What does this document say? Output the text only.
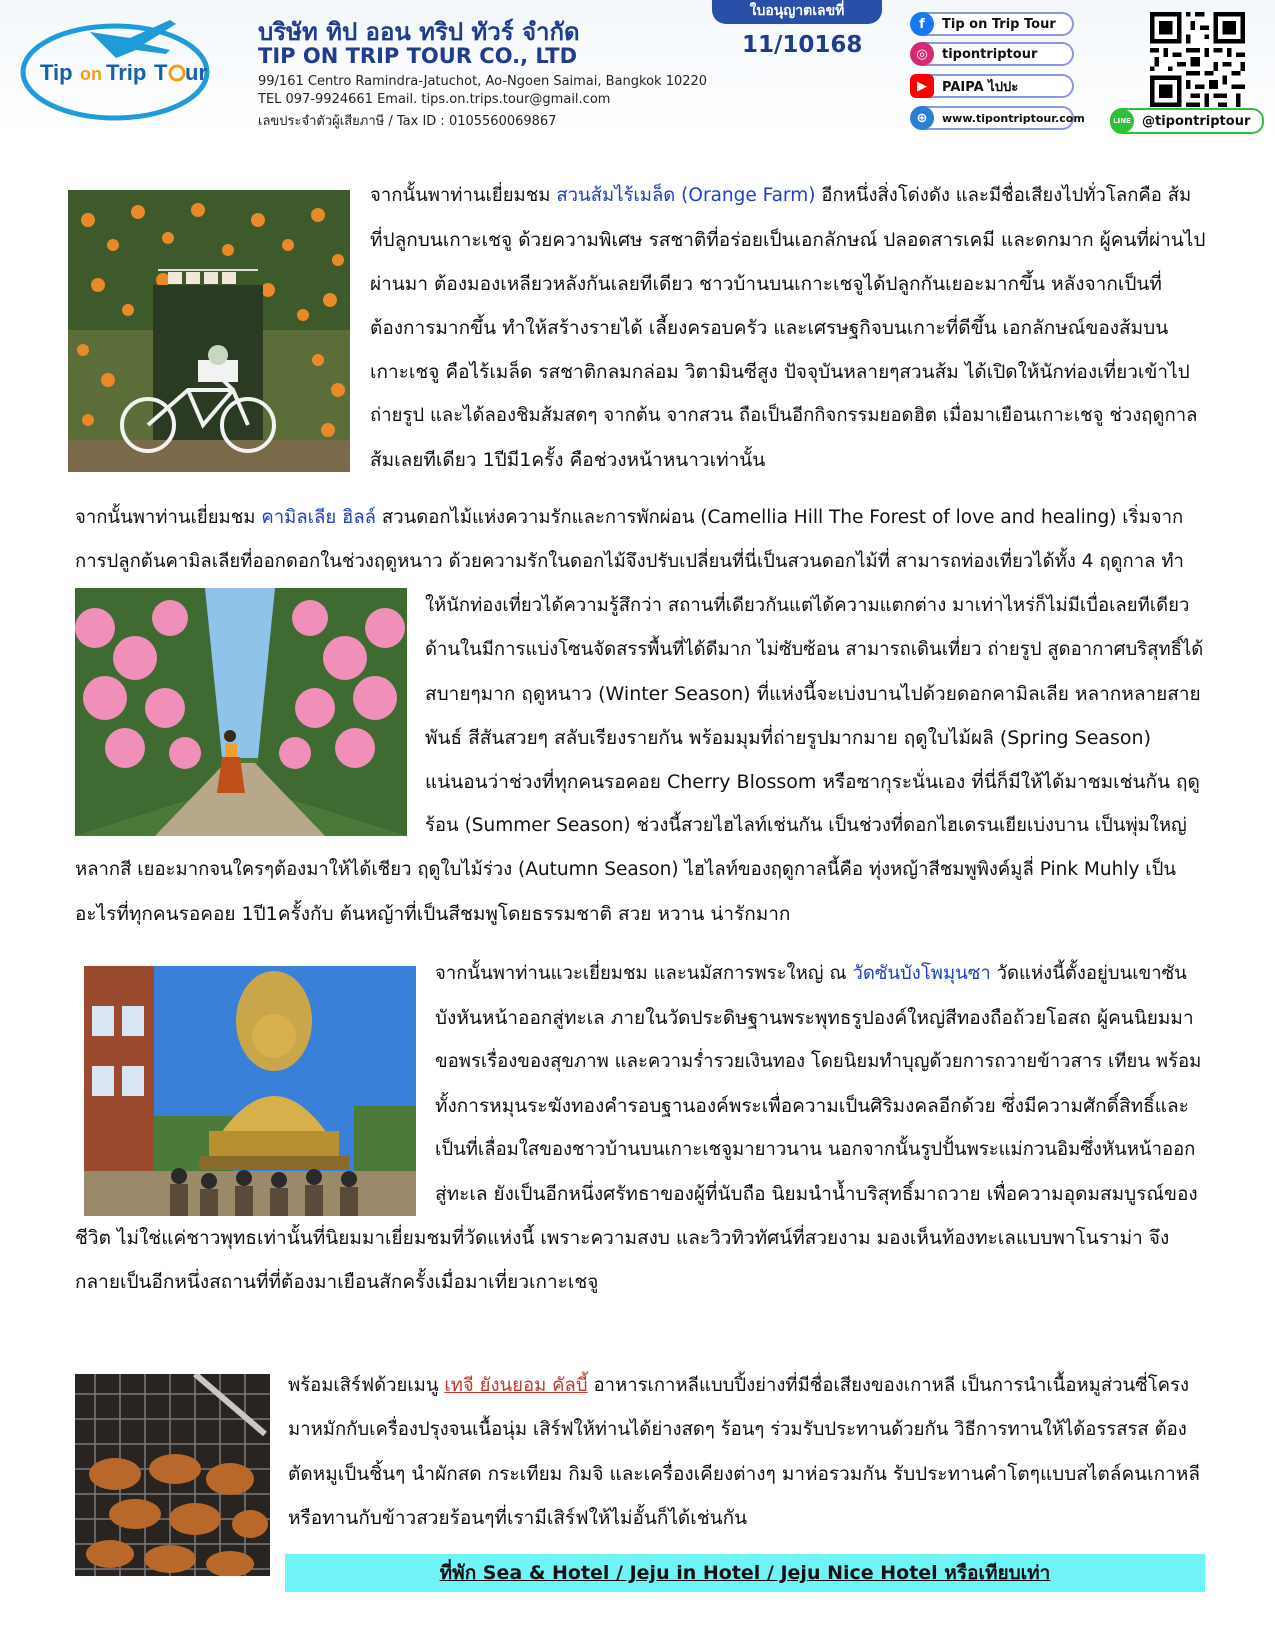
Tip on Trip T ur
บริษัท ทิป ออน ทริป ทัวร์ จำกัด
TIP ON TRIP TOUR CO., LTD
99/161 Centro Ramindra-Jatuchot, Ao-Ngoen Saimai, Bangkok 10220
TEL 097-9924661 Email. tips.on.trips.tour@gmail.com
เลขประจำตัวผู้เสียภาษี / Tax ID : 0105560069867
ใบอนุญาตเลขที่
11/10168
f	Tip on Trip Tour
◎	tipontriptour
▶	PAIPA ไปปะ
⊕	www.tipontriptour.com	LINE @tipontriptour
จากนั้นพาท่านเยี่ยมชม สวนส้มไร้เมล็ด (Orange Farm) อีกหนึ่งสิ่งโด่งดัง และมีชื่อเสียงไปทั่วโลกคือ ส้ม
ที่ปลูกบนเกาะเชจู ด้วยความพิเศษ รสชาติที่อร่อยเป็นเอกลักษณ์ ปลอดสารเคมี และดกมาก ผู้คนที่ผ่านไป
ผ่านมา ต้องมองเหลียวหลังกันเลยทีเดียว ชาวบ้านบนเกาะเชจูได้ปลูกกันเยอะมากขึ้น หลังจากเป็นที่
ต้องการมากขึ้น ทำให้สร้างรายได้ เลี้ยงครอบครัว และเศรษฐกิจบนเกาะที่ดีขึ้น เอกลักษณ์ของส้มบน
เกาะเชจู คือไร้เมล็ด รสชาติกลมกล่อม วิตามินซีสูง ปัจจุบันหลายๆสวนส้ม ได้เปิดให้นักท่องเที่ยวเข้าไป
ถ่ายรูป และได้ลองชิมส้มสดๆ จากต้น จากสวน ถือเป็นอีกกิจกรรมยอดฮิต เมื่อมาเยือนเกาะเชจู ช่วงฤดูกาล
ส้มเลยทีเดียว 1ปีมี1ครั้ง คือช่วงหน้าหนาวเท่านั้น
จากนั้นพาท่านเยี่ยมชม คามิลเลีย ฮิลล์ สวนดอกไม้แห่งความรักและการพักผ่อน (Camellia Hill The Forest of love and healing) เริ่มจาก
การปลูกต้นคามิลเลียที่ออกดอกในช่วงฤดูหนาว ด้วยความรักในดอกไม้จึงปรับเปลี่ยนที่นี่เป็นสวนดอกไม้ที่ สามารถท่องเที่ยวได้ทั้ง 4 ฤดูกาล ทำ
ให้นักท่องเที่ยวได้ความรู้สึกว่า สถานที่เดียวกันแต่ได้ความแตกต่าง มาเท่าไหร่ก็ไม่มีเบื่อเลยทีเดียว
ด้านในมีการแบ่งโซนจัดสรรพื้นที่ได้ดีมาก ไม่ซับซ้อน สามารถเดินเที่ยว ถ่ายรูป สูดอากาศบริสุทธิ์ได้
สบายๆมาก ฤดูหนาว (Winter Season) ที่แห่งนี้จะเบ่งบานไปด้วยดอกคามิลเลีย หลากหลายสาย
พันธ์ สีสันสวยๆ สลับเรียงรายกัน พร้อมมุมที่ถ่ายรูปมากมาย ฤดูใบไม้ผลิ (Spring Season)
แน่นอนว่าช่วงที่ทุกคนรอคอย Cherry Blossom หรือซากุระนั่นเอง ที่นี่ก็มีให้ได้มาชมเช่นกัน ฤดู
ร้อน (Summer Season) ช่วงนี้สวยไฮไลท์เช่นกัน เป็นช่วงที่ดอกไฮเดรนเยียเบ่งบาน เป็นพุ่มใหญ่
หลากสี เยอะมากจนใครๆต้องมาให้ได้เชียว ฤดูใบไม้ร่วง (Autumn Season) ไฮไลท์ของฤดูกาลนี้คือ ทุ่งหญ้าสีชมพูพิงค์มูลี่ Pink Muhly เป็น
อะไรที่ทุกคนรอคอย 1ปี1ครั้งกับ ต้นหญ้าที่เป็นสีชมพูโดยธรรมชาติ สวย หวาน น่ารักมาก
จากนั้นพาท่านแวะเยี่ยมชม และนมัสการพระใหญ่ ณ วัดซันบังโพมุนซา วัดแห่งนี้ตั้งอยู่บนเขาซัน
บังหันหน้าออกสู่ทะเล ภายในวัดประดิษฐานพระพุทธรูปองค์ใหญ่สีทองถือถ้วยโอสถ ผู้คนนิยมมา
ขอพรเรื่องของสุขภาพ และความร่ำรวยเงินทอง โดยนิยมทำบุญด้วยการถวายข้าวสาร เทียน พร้อม
ทั้งการหมุนระฆังทองคำรอบฐานองค์พระเพื่อความเป็นศิริมงคลอีกด้วย ซึ่งมีความศักดิ์สิทธิ์และ
เป็นที่เลื่อมใสของชาวบ้านบนเกาะเชจูมายาวนาน นอกจากนั้นรูปปั้นพระแม่กวนอิมซึ่งหันหน้าออก
สู่ทะเล ยังเป็นอีกหนึ่งศรัทธาของผู้ที่นับถือ นิยมนำน้ำบริสุทธิ์มาถวาย เพื่อความอุดมสมบูรณ์ของ
ชีวิต ไม่ใช่แค่ชาวพุทธเท่านั้นที่นิยมมาเยี่ยมชมที่วัดแห่งนี้ เพราะความสงบ และวิวทิวทัศน์ที่สวยงาม มองเห็นท้องทะเลแบบพาโนราม่า จึง
กลายเป็นอีกหนึ่งสถานที่ที่ต้องมาเยือนสักครั้งเมื่อมาเที่ยวเกาะเชจู
พร้อมเสิร์ฟด้วยเมนู เทจี ยังนยอม คัลบี้ อาหารเกาหลีแบบปิ้งย่างที่มีชื่อเสียงของเกาหลี เป็นการนำเนื้อหมูส่วนซี่โครง
มาหมักกับเครื่องปรุงจนเนื้อนุ่ม เสิร์ฟให้ท่านได้ย่างสดๆ ร้อนๆ ร่วมรับประทานด้วยกัน วิธีการทานให้ได้อรรสรส ต้อง
ตัดหมูเป็นชิ้นๆ นำผักสด กระเทียม กิมจิ และเครื่องเคียงต่างๆ มาห่อรวมกัน รับประทานคำโตๆแบบสไตล์คนเกาหลี
หรือทานกับข้าวสวยร้อนๆที่เรามีเสิร์ฟให้ไม่อั้นก็ได้เช่นกัน
ที่พัก Sea & Hotel / Jeju in Hotel / Jeju Nice Hotel หรือเทียบเท่า
